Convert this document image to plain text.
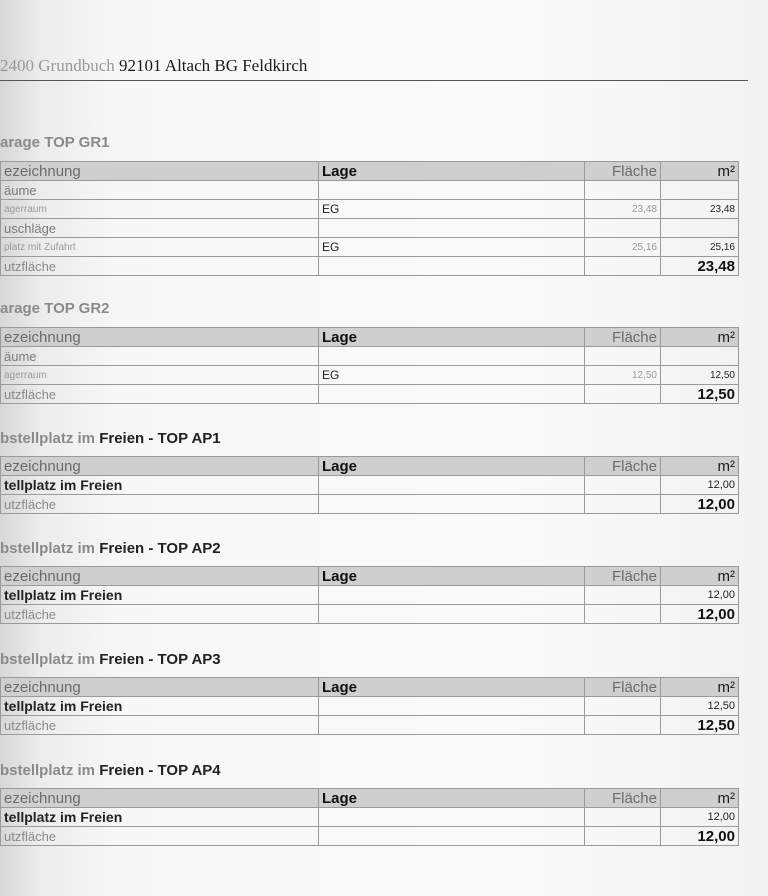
2400 Grundbuch 92101 Altach BG Feldkirch
arage TOP GR1
ezeichnung	Lage	Fläche	m²
äume			
agerraum	EG	23,48	23,48
uschläge			
platz mit Zufahrt	EG	25,16	25,16
utzfläche			23,48
arage TOP GR2
ezeichnung	Lage	Fläche	m²
äume			
agerraum	EG	12,50	12,50
utzfläche			12,50
bstellplatz im Freien - TOP AP1
ezeichnung	Lage	Fläche	m²
tellplatz im Freien			12,00
utzfläche			12,00
bstellplatz im Freien - TOP AP2
ezeichnung	Lage	Fläche	m²
tellplatz im Freien			12,00
utzfläche			12,00
bstellplatz im Freien - TOP AP3
ezeichnung	Lage	Fläche	m²
tellplatz im Freien			12,50
utzfläche			12,50
bstellplatz im Freien - TOP AP4
ezeichnung	Lage	Fläche	m²
tellplatz im Freien			12,00
utzfläche			12,00
